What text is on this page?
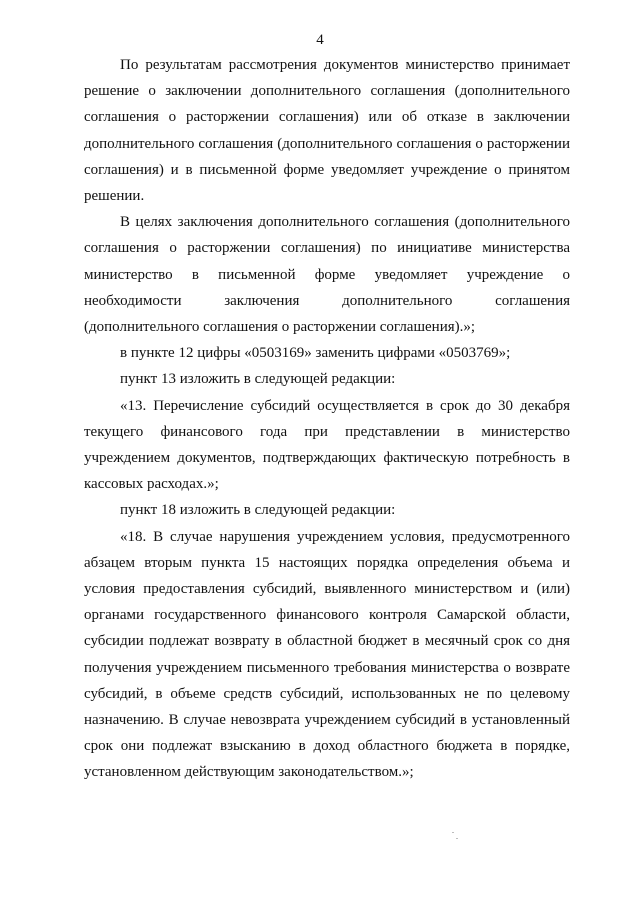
4

По результатам рассмотрения документов министерство принимает решение о заключении дополнительного соглашения (дополнительного соглашения о расторжении соглашения) или об отказе в заключении дополнительного соглашения (дополнительного соглашения о расторжении соглашения) и в письменной форме уведомляет учреждение о принятом решении.

В целях заключения дополнительного соглашения (дополнительного соглашения о расторжении соглашения) по инициативе министерства министерство в письменной форме уведомляет учреждение о необходимости заключения дополнительного соглашения (дополнительного соглашения о расторжении соглашения).»;

в пункте 12 цифры «0503169» заменить цифрами «0503769»;

пункт 13 изложить в следующей редакции:

«13. Перечисление субсидий осуществляется в срок до 30 декабря текущего финансового года при представлении в министерство учреждением документов, подтверждающих фактическую потребность в кассовых расходах.»;

пункт 18 изложить в следующей редакции:

«18. В случае нарушения учреждением условия, предусмотренного абзацем вторым пункта 15 настоящих порядка определения объема и условия предоставления субсидий, выявленного министерством и (или) органами государственного финансового контроля Самарской области, субсидии подлежат возврату в областной бюджет в месячный срок со дня получения учреждением письменного требования министерства о возврате субсидий, в объеме средств субсидий, использованных не по целевому назначению. В случае невозврата учреждением субсидий в установленный срок они подлежат взысканию в доход областного бюджета в порядке, установленном действующим законодательством.»;
